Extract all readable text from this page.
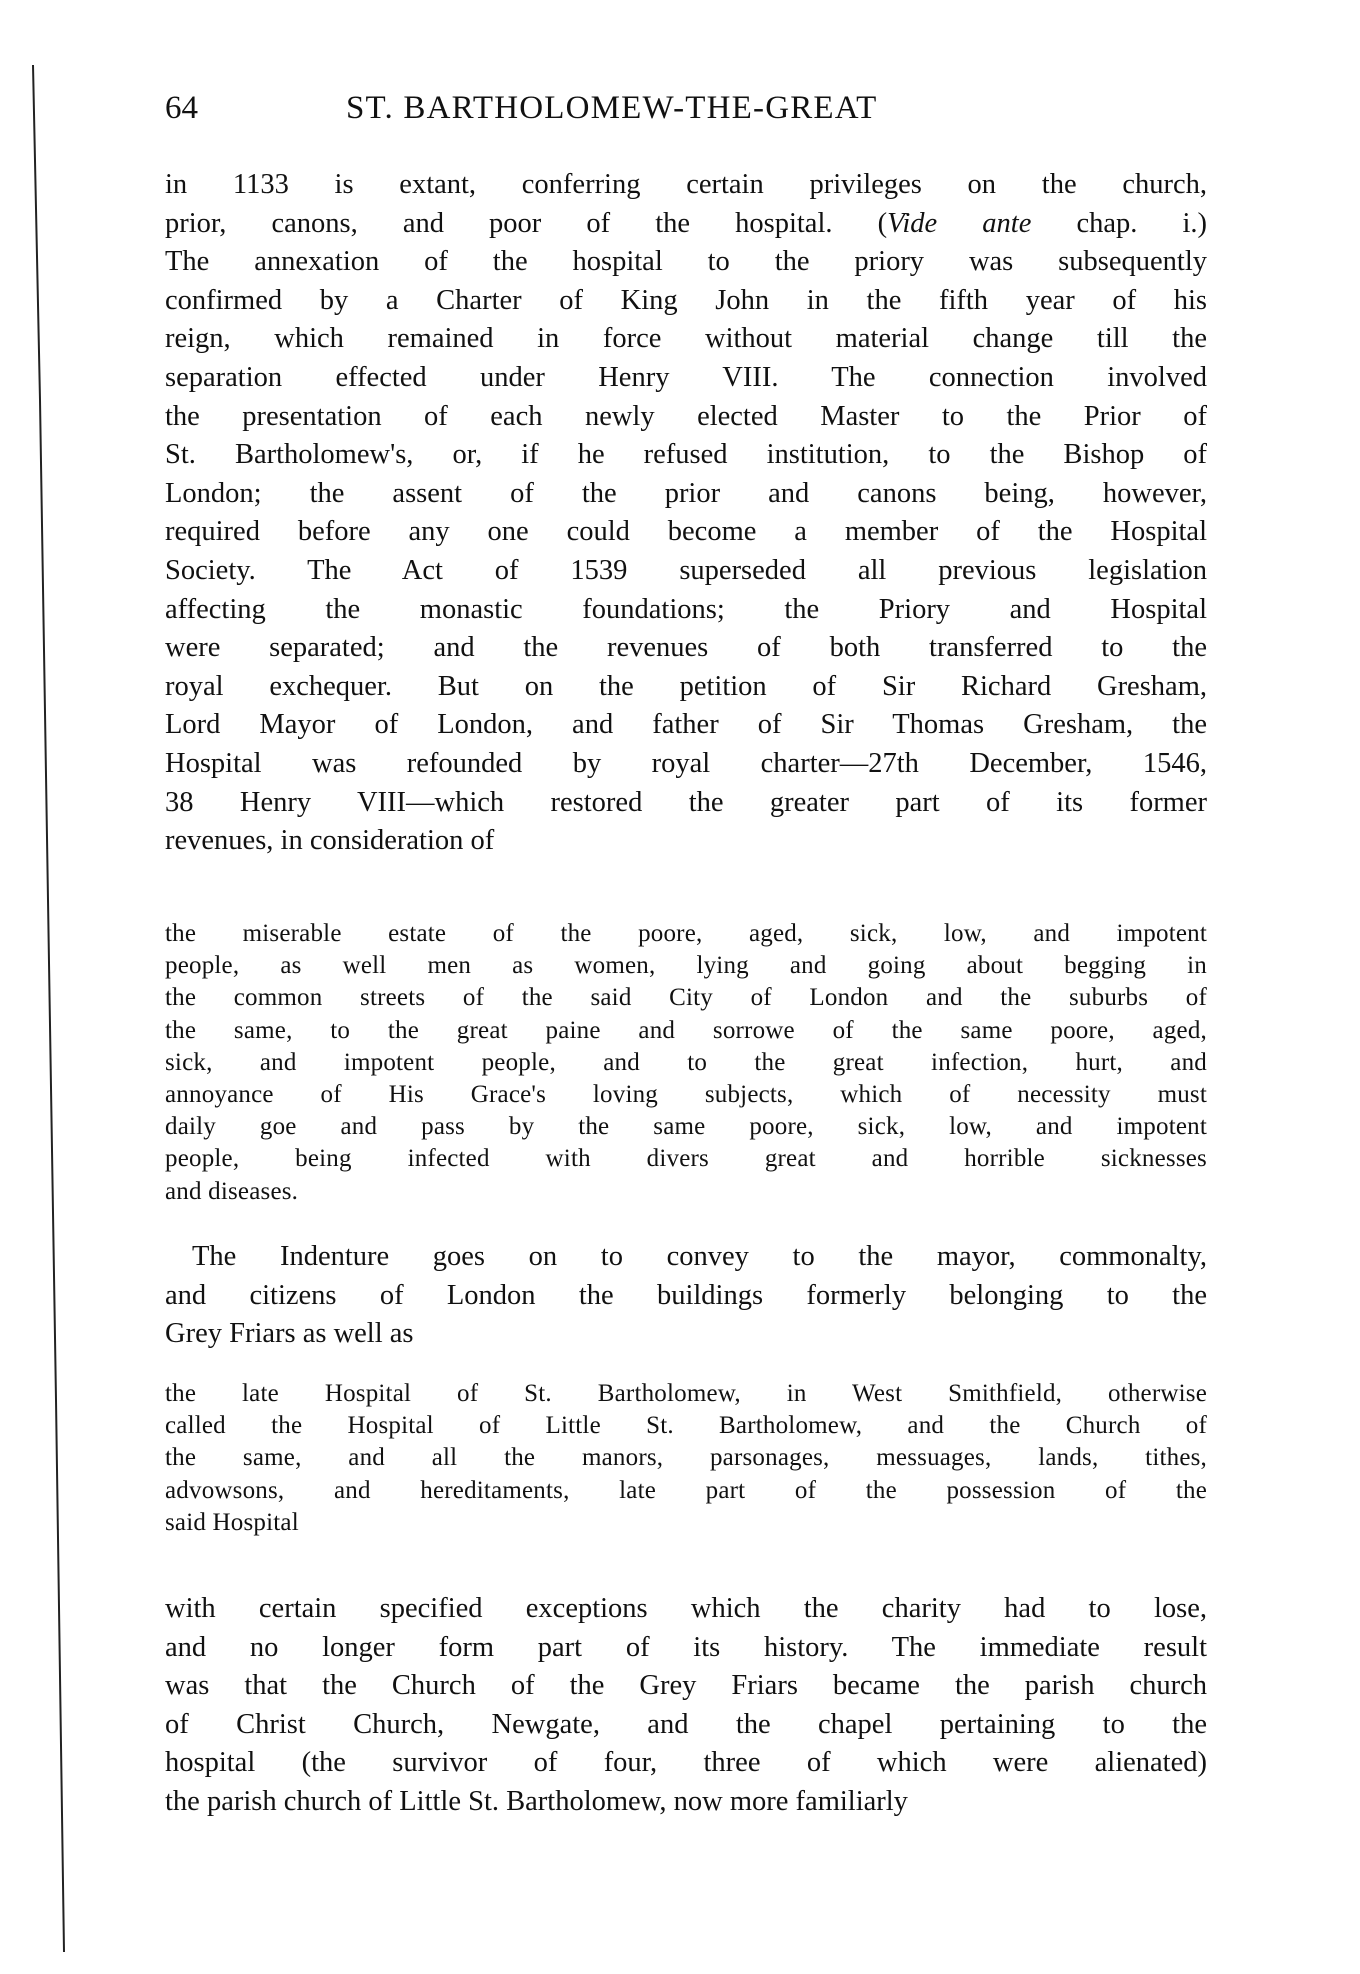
64	ST. BARTHOLOMEW-THE-GREAT
in 1133 is extant, conferring certain privileges on the church,
prior, canons, and poor of the hospital. (Vide ante chap. i.)
The annexation of the hospital to the priory was subsequently
confirmed by a Charter of King John in the fifth year of his
reign, which remained in force without material change till the
separation effected under Henry VIII. The connection involved
the presentation of each newly elected Master to the Prior of
St. Bartholomew's, or, if he refused institution, to the Bishop of
London; the assent of the prior and canons being, however,
required before any one could become a member of the Hospital
Society. The Act of 1539 superseded all previous legislation
affecting the monastic foundations; the Priory and Hospital
were separated; and the revenues of both transferred to the
royal exchequer. But on the petition of Sir Richard Gresham,
Lord Mayor of London, and father of Sir Thomas Gresham, the
Hospital was refounded by royal charter—27th December, 1546,
38 Henry VIII—which restored the greater part of its former
revenues, in consideration of
the miserable estate of the poore, aged, sick, low, and impotent
people, as well men as women, lying and going about begging in
the common streets of the said City of London and the suburbs of
the same, to the great paine and sorrowe of the same poore, aged,
sick, and impotent people, and to the great infection, hurt, and
annoyance of His Grace's loving subjects, which of necessity must
daily goe and pass by the same poore, sick, low, and impotent
people, being infected with divers great and horrible sicknesses
and diseases.
The Indenture goes on to convey to the mayor, commonalty,
and citizens of London the buildings formerly belonging to the
Grey Friars as well as
the late Hospital of St. Bartholomew, in West Smithfield, otherwise
called the Hospital of Little St. Bartholomew, and the Church of
the same, and all the manors, parsonages, messuages, lands, tithes,
advowsons, and hereditaments, late part of the possession of the
said Hospital
with certain specified exceptions which the charity had to lose,
and no longer form part of its history. The immediate result
was that the Church of the Grey Friars became the parish church
of Christ Church, Newgate, and the chapel pertaining to the
hospital (the survivor of four, three of which were alienated)
the parish church of Little St. Bartholomew, now more familiarly
